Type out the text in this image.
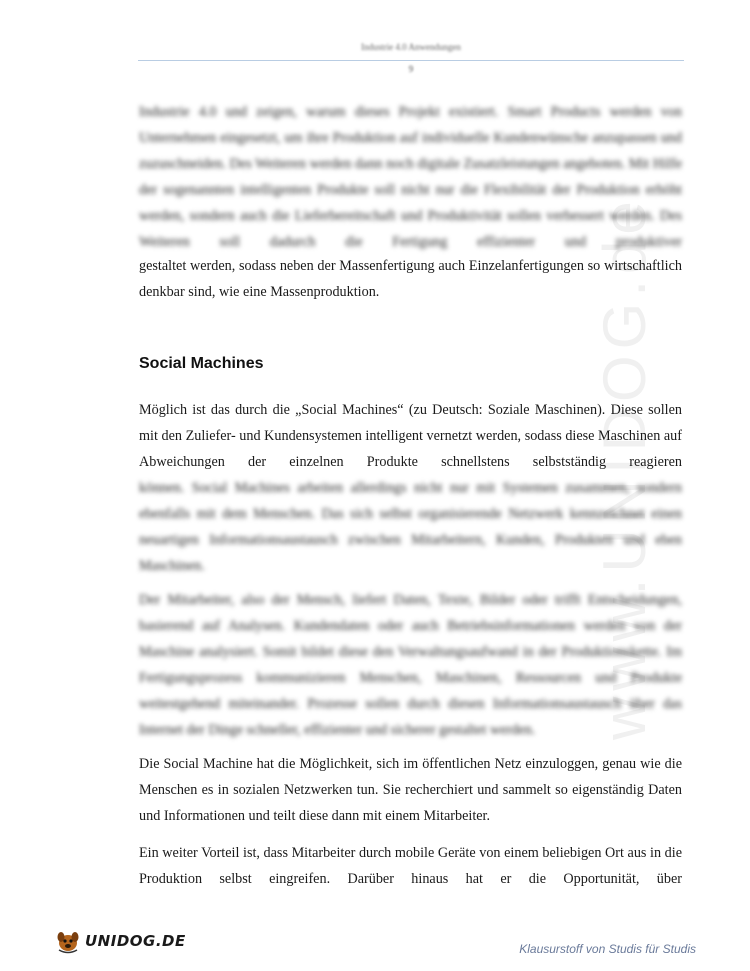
www.UNIDOG.de
Industrie 4.0 Anwendungen
9

Industrie 4.0 und zeigen, warum dieses Projekt existiert. Smart Products werden von Unternehmen eingesetzt, um ihre Produktion auf individuelle Kundenwünsche anzupassen und zuzuschneiden. Des Weiteren werden dann noch digitale Zusatzleistungen angeboten. Mit Hilfe der sogenannten intelligenten Produkte soll nicht nur die Flexibilität der Produktion erhöht werden, sondern auch die Lieferbereitschaft und Produktivität sollen verbessert werden. Des Weiteren soll dadurch die Fertigung effizienter und produktiver

gestaltet werden, sodass neben der Massenfertigung auch Einzelanfertigungen so wirtschaftlich denkbar sind, wie eine Massenproduktion.

Social Machines

Möglich ist das durch die „Social Machines“ (zu Deutsch: Soziale Maschinen). Diese sollen mit den Zuliefer- und Kundensystemen intelligent vernetzt werden, sodass diese Maschinen auf Abweichungen der einzelnen Produkte schnellstens selbstständig reagieren

können. Social Machines arbeiten allerdings nicht nur mit Systemen zusammen, sondern ebenfalls mit dem Menschen. Das sich selbst organisierende Netzwerk kennzeichnet einen neuartigen Informationsaustausch zwischen Mitarbeitern, Kunden, Produkten und eben Maschinen.

Der Mitarbeiter, also der Mensch, liefert Daten, Texte, Bilder oder trifft Entscheidungen, basierend auf Analysen. Kundendaten oder auch Betriebsinformationen werden von der Maschine analysiert. Somit bildet diese den Verwaltungsaufwand in der Produktionskette. Im Fertigungsprozess kommunizieren Menschen, Maschinen, Ressourcen und Produkte weitestgehend miteinander. Prozesse sollen durch diesen Informationsaustausch über das Internet der Dinge schneller, effizienter und sicherer gestaltet werden.

Die Social Machine hat die Möglichkeit, sich im öffentlichen Netz einzuloggen, genau wie die Menschen es in sozialen Netzwerken tun. Sie recherchiert und sammelt so eigenständig Daten und Informationen und teilt diese dann mit einem Mitarbeiter.

Ein weiter Vorteil ist, dass Mitarbeiter durch mobile Geräte von einem beliebigen Ort aus in die Produktion selbst eingreifen. Darüber hinaus hat er die Opportunität, über

UNIDOG.DE	Klausurstoff von Studis für Studis
